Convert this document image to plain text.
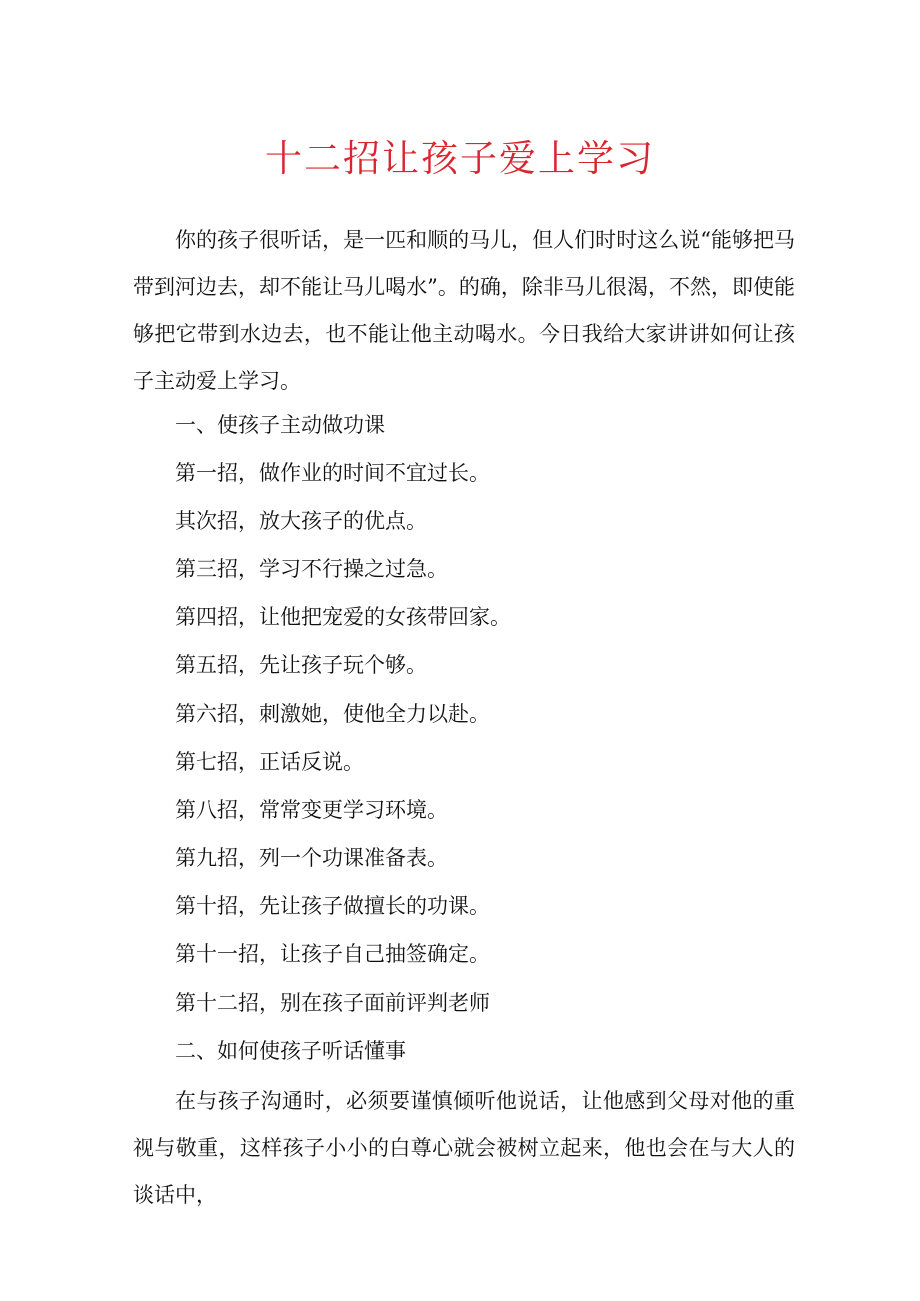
十二招让孩子爱上学习

你的孩子很听话，是一匹和顺的马儿，但人们时时这么说“能够把马带到河边去，却不能让马儿喝水”。的确，除非马儿很渴，不然，即使能够把它带到水边去，也不能让他主动喝水。今日我给大家讲讲如何让孩子主动爱上学习。

一、使孩子主动做功课

第一招，做作业的时间不宜过长。

其次招，放大孩子的优点。

第三招，学习不行操之过急。

第四招，让他把宠爱的女孩带回家。

第五招，先让孩子玩个够。

第六招，刺激她，使他全力以赴。

第七招，正话反说。

第八招，常常变更学习环境。

第九招，列一个功课准备表。

第十招，先让孩子做擅长的功课。

第十一招，让孩子自己抽签确定。

第十二招，别在孩子面前评判老师

二、如何使孩子听话懂事

在与孩子沟通时，必须要谨慎倾听他说话，让他感到父母对他的重视与敬重，这样孩子小小的白尊心就会被树立起来，他也会在与大人的谈话中，
